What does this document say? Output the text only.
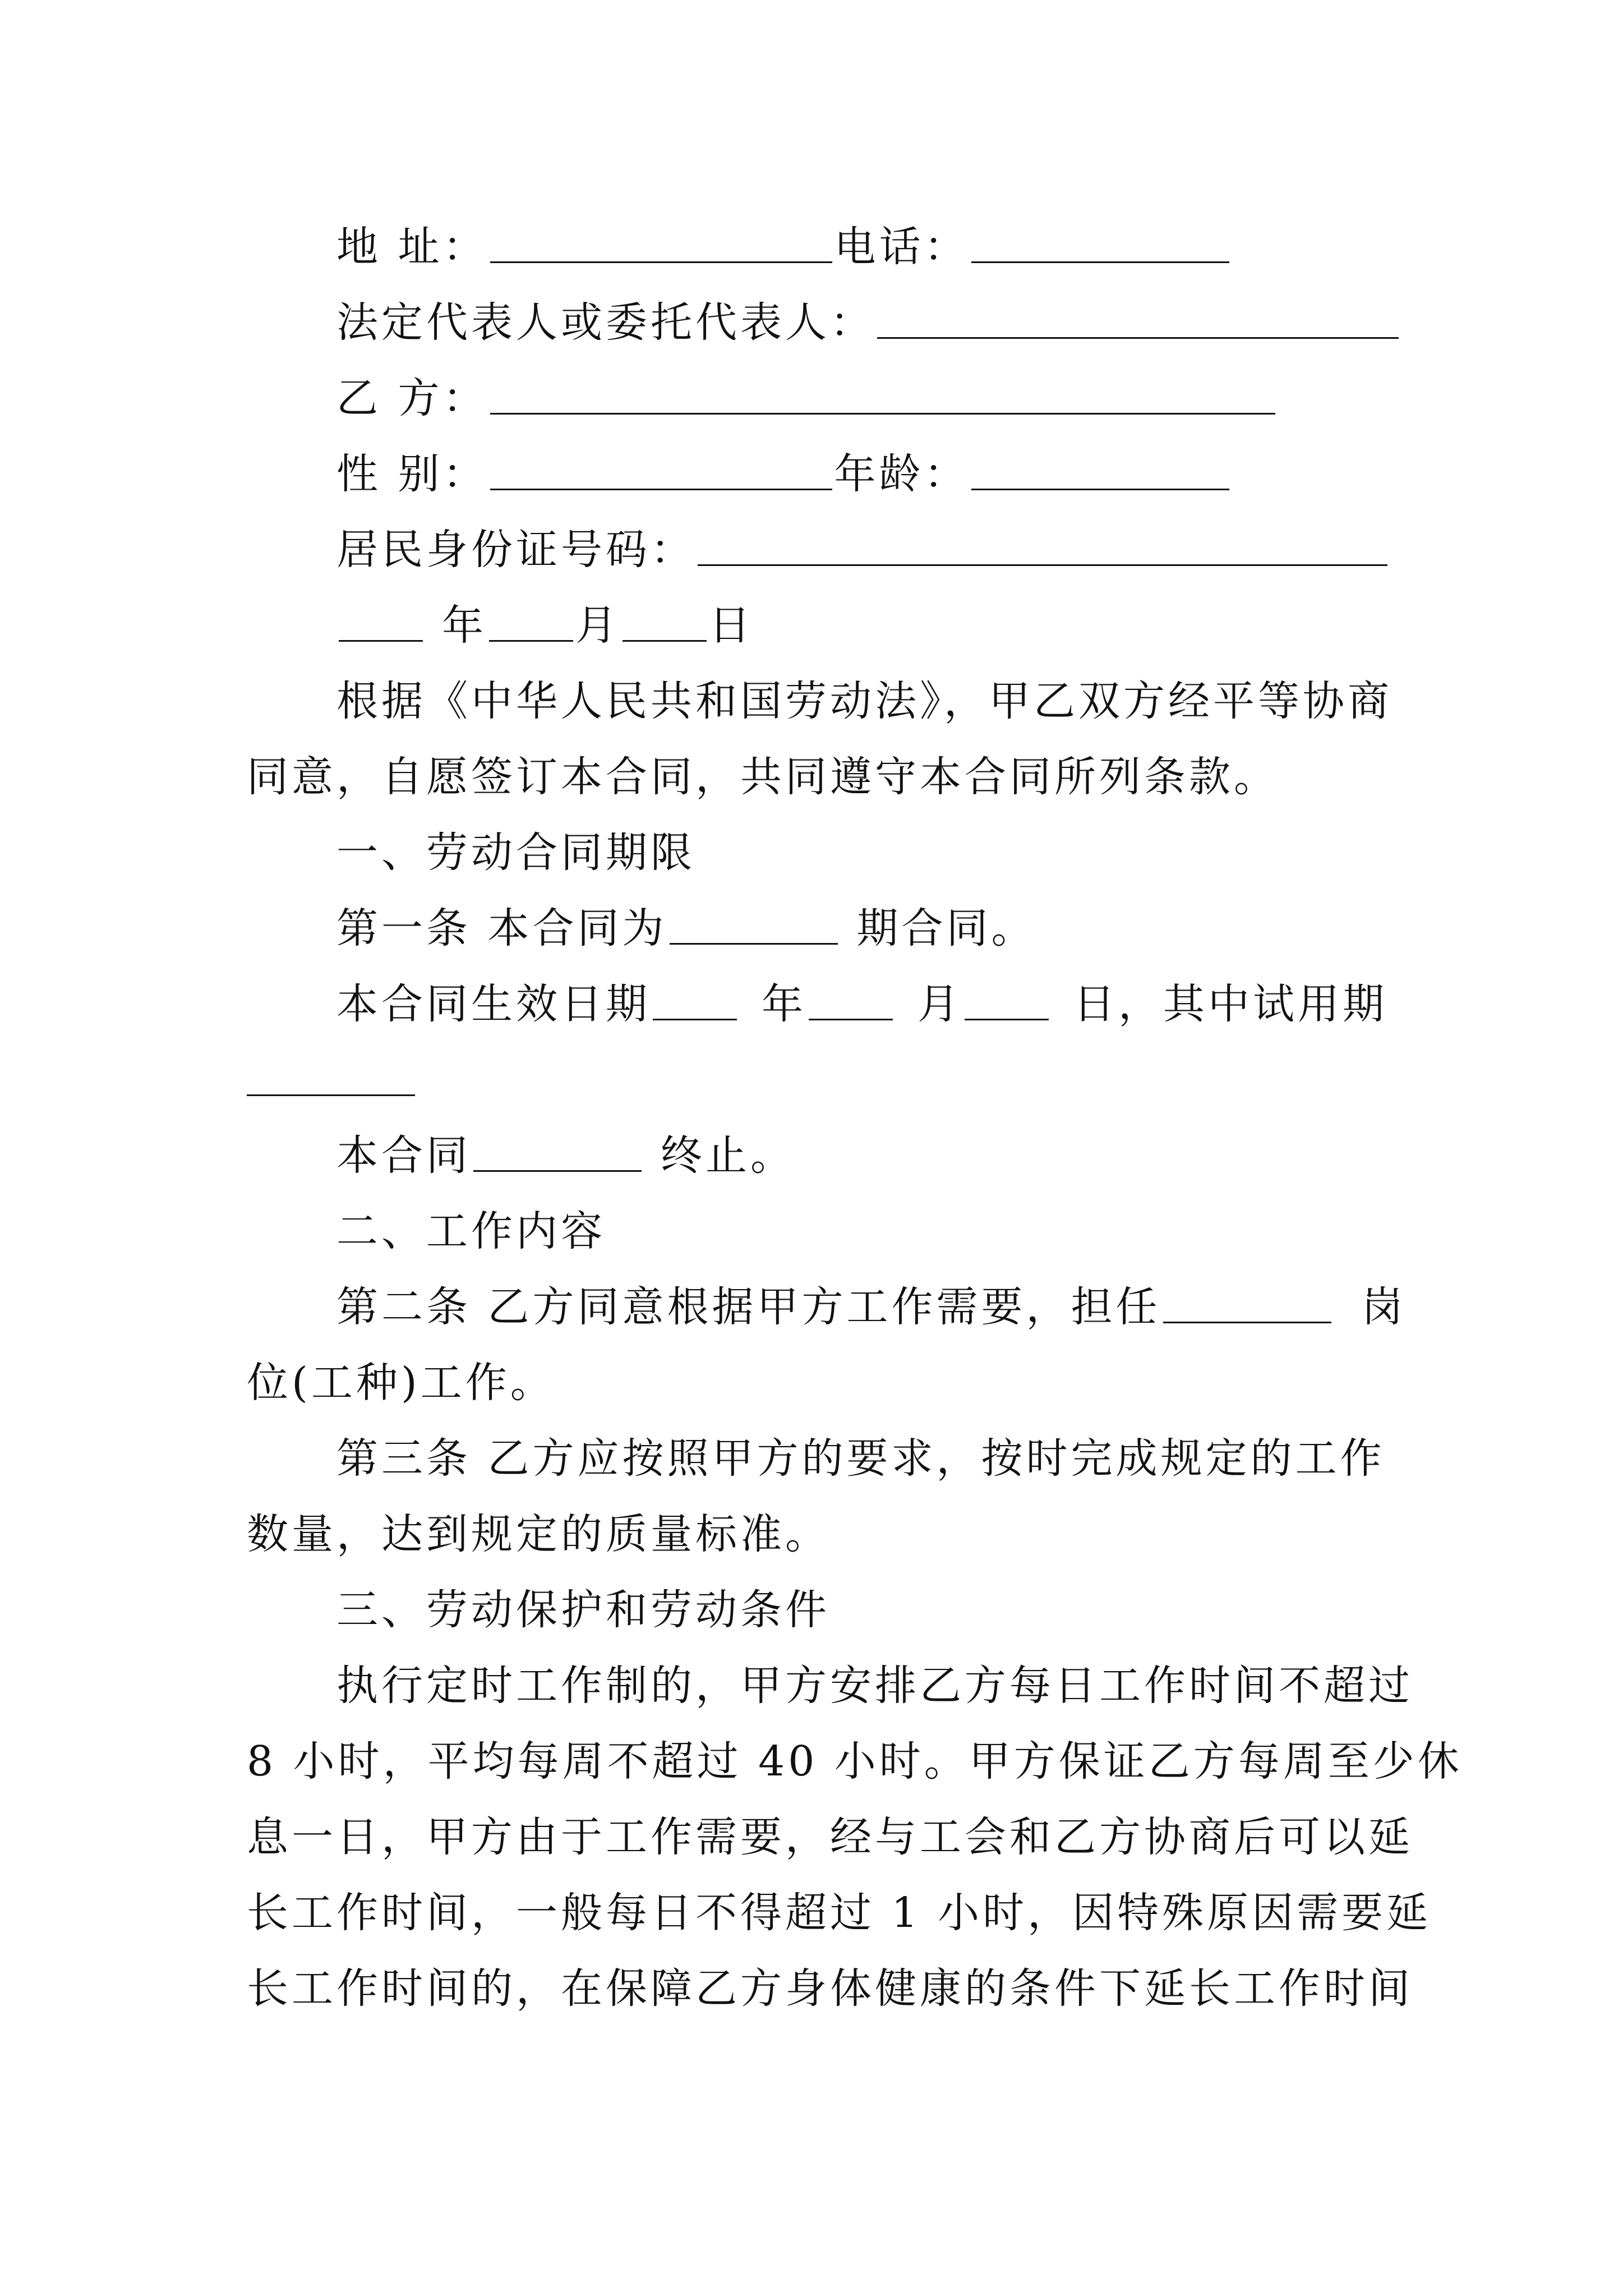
地 址：	电话：
法定代表人或委托代表人：
乙 方：
性 别：	年龄：
居民身份证号码：
年 月 日
根据《中华人民共和国劳动法》，甲乙双方经平等协商
同意，自愿签订本合同，共同遵守本合同所列条款。
一、劳动合同期限
第一条 本合同为	期合同。
本合同生效日期	年	月	日，其中试用期
本合同	终止。
二、工作内容
第二条 乙方同意根据甲方工作需要，担任	岗
位(工种)工作。
第三条 乙方应按照甲方的要求，按时完成规定的工作
数量，达到规定的质量标准。
三、劳动保护和劳动条件
执行定时工作制的，甲方安排乙方每日工作时间不超过
8 小时，平均每周不超过 40 小时。甲方保证乙方每周至少休
息一日，甲方由于工作需要，经与工会和乙方协商后可以延
长工作时间，一般每日不得超过 1 小时，因特殊原因需要延
长工作时间的，在保障乙方身体健康的条件下延长工作时间
